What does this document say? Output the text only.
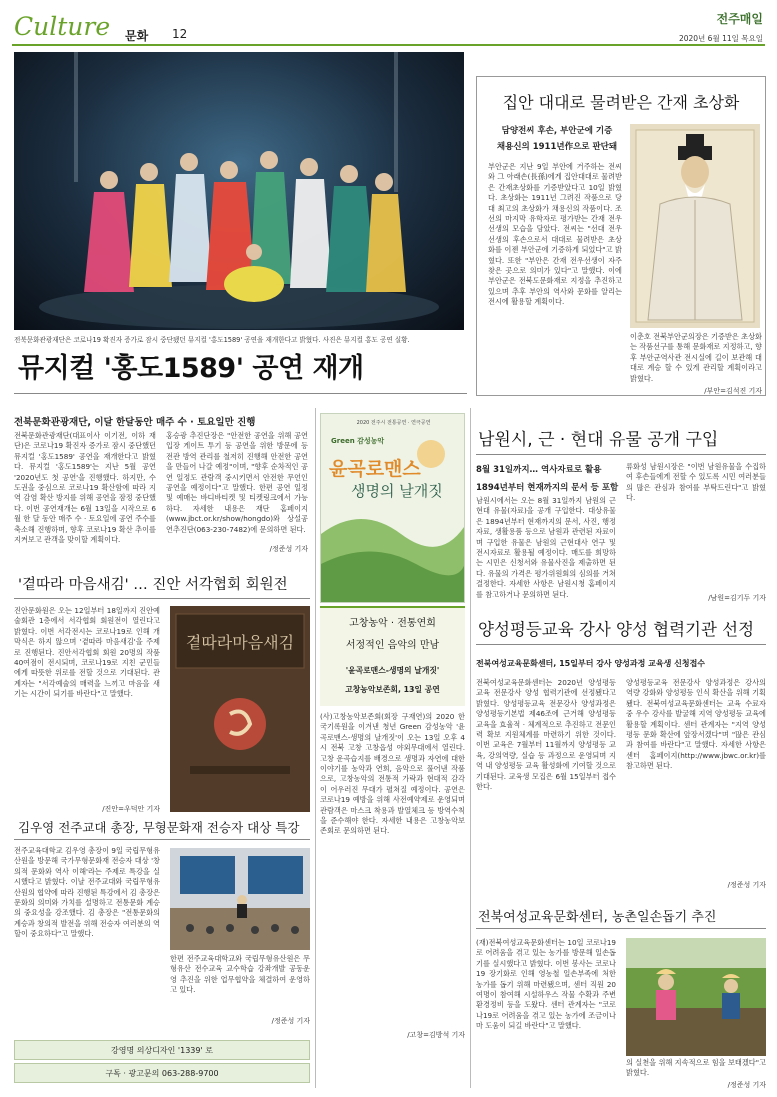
Culture 문화 12
전주매일
2020년 6월 11일 목요일
전북문화관광재단은 코로나19 확진자 증가로 잠시 중단됐던 뮤지컬 '홍도1589' 공연을 재개한다고 밝혔다. 사진은 뮤지컬 홍도 공연 실황.
뮤지컬 '홍도1589' 공연 재개
전북문화관광재단, 이달 한달동안 매주 수 · 토요일만 진행
전북문화관광재단(대표이사 이기전, 이하 재단)은 코로나19 확진자 증가로 잠시 중단했던 뮤지컬 '홍도1589' 공연을 재개한다고 밝혔다. 뮤지컬 '홍도1589'는 지난 5월 공연 '2020년도 첫 공연'을 진행했다. 하지만, 수도권을 중심으로 코로나19 확산함에 따라 지역 감염 확산 방지를 위해 공연을 잠정 중단했다. 이번 공연재개는 6월 13일을 시작으로 6월 한 달 동안 매주 수 · 토요일에 공연 주수를 축소해 진행하며, 향후 코로나19 확산 추이를 지켜보고 관객을 맞이할 계획이다.
홍승광 추진단장은 "안전한 공연을 위해 공연 입장 게이트 투기 등 공연을 위한 방문에 등 전관 방역 관리를 철저히 진행해 안전한 공연을 만들어 나갈 예정"이며, "향후 순차적인 공연 일정도 관람객 중시키면서 안전한 무언인 공연을 예정이다"고 말했다. 한편 공연 일정 및 예매는 바디바티켓 및 티켓링크에서 가능하다. 자세한 내용은 재단 홈페이지(www.jbct.or.kr/show/hongdo)와 상설공연추진단(063-230-7482)에 문의하면 된다.
/정준성 기자
집안 대대로 물려받은 간재 초상화
담양전씨 후손, 부안군에 기증
채용신의 1911년作으로 판단돼
부안군은 지난 9일 부안에 거주하는 전씨와 그 아래손(長孫)에게 집안대대로 물려받은 간재초상화를 기증받았다고 10일 밝혔다. 초상화는 1911년 그려진 작품으로 당대 최고의 초상화가 채용신의 작품이다. 조선의 마지막 유학자로 평가받는 간재 전우 선생의 모습을 담았다. 전씨는 "선대 전우 선생의 후손으로서 대대로 물려받은 초상화를 이젠 부안군에 기증하게 되었다"고 밝혔다. 또한 "부안은 간재 전우선생이 자주 찾은 곳으로 의미가 있다"고 말했다. 이에 부안군은 전북도문화재로 지정을 추진하고 있으며 추후 부안의 역사와 문화를 알리는 전시에 활용할 계획이다.
이춘호 전북부안군의장은 기증받은 초상화는 작품선구를 통해 문화재로 지정하고, 향후 부안군역사관 전시실에 길이 보관해 대대로 계승 할 수 있게 관리할 계획이라고 밝혔다.
/부안=김석진 기자
남원시, 근 · 현대 유물 공개 구입
8월 31일까지… 역사자료로 활용
1894년부터 현재까지의 문서 등 포함
남원시에서는 오는 8월 31일까지 남원의 근현대 유물(자료)을 공개 구입한다. 대상유물은 1894년부터 현재까지의 문서, 사진, 행정자료, 생활용품 등으로 남원과 관련된 자료이며 구입한 유물은 남원의 근현대사 연구 및 전시자료로 활용될 예정이다. 매도를 희망하는 시민은 신청서와 유물사진을 제출하면 된다. 유물의 가격은 평가위원회의 심의를 거쳐 결정한다. 자세한 사항은 남원시청 홈페이지를 참고하거나 문의하면 된다.
류화성 남원시장은 "이번 남원유물을 수집하여 후손들에게 전할 수 있도록 시민 여러분들의 많은 관심과 참여를 부탁드린다"고 밝혔다.
/남원=김기두 기자
양성평등교육 강사 양성 협력기관 선정
전북여성교육문화센터, 15일부터 강사 양성과정 교육생 신청접수
전북여성교육문화센터는 2020년 양성평등교육 전문강사 양성 협력기관에 선정됐다고 밝혔다. 양성평등교육 전문강사 양성과정은 양성평등기본법 제46조에 근거해 양성평등교육을 효율적 · 체계적으로 추진하고 전문인력 확보 지원체계를 마련하기 위한 것이다. 이번 교육은 7월부터 11월까지 양성평등 교육, 강의역량, 실습 등 과정으로 운영되며 지역 내 양성평등 교육 활성화에 기여할 것으로 기대된다. 교육생 모집은 6월 15일부터 접수한다.
양성평등교육 전문강사 양성과정은 강사의 역량 강화와 양성평등 인식 확산을 위해 기획됐다. 전북여성교육문화센터는 교육 수료자 중 우수 강사를 발굴해 지역 양성평등 교육에 활용할 계획이다. 센터 관계자는 "지역 양성평등 문화 확산에 앞장서겠다"며 "많은 관심과 참여를 바란다"고 말했다. 자세한 사항은 센터 홈페이지(http://www.jbwc.or.kr)를 참고하면 된다.
/정준성 기자
전북여성교육문화센터, 농촌일손돕기 추진
(재)전북여성교육문화센터는 10일 코로나19로 어려움을 겪고 있는 농가를 방문해 일손돕기를 실시했다고 밝혔다. 이번 봉사는 코로나19 장기화로 인해 영농철 일손부족에 처한 농가를 돕기 위해 마련됐으며, 센터 직원 20여명이 참여해 시설하우스 작물 수확과 주변 환경정비 등을 도왔다. 센터 관계자는 "코로나19로 어려움을 겪고 있는 농가에 조금이나마 도움이 되길 바란다"고 말했다.
의 실천을 위해 지속적으로 힘을 보태겠다"고 밝혔다.
/정준성 기자
'곁따라 마음새김' … 진안 서각협회 회원전
진안문화원은 오는 12일부터 18일까지 진안예술회관 1층에서 서각협회 회원전이 열린다고 밝혔다. 이번 서각전시는 코로나19로 인해 개막식은 하지 않으며 '곁따라 마음새김'을 주제로 진행된다. 진안서각협회 회원 20명의 작품 40여점이 전시되며, 코로나19로 지친 군민들에게 따뜻한 위로를 전할 것으로 기대된다. 관계자는 "서각예술의 매력을 느끼고 마음을 새기는 시간이 되기를 바란다"고 말했다.
/진안=우덕안 기자
곁따라마음새김
김우영 전주교대 총장, 무형문화재 전승자 대상 특강
전주교육대학교 김우영 총장이 9일 국립무형유산원을 방문해 국가무형문화재 전승자 대상 '창의적 문화와 역사 이해'라는 주제로 특강을 실시했다고 밝혔다. 이날 전주교대와 국립무형유산원의 협약에 따라 진행된 특강에서 김 총장은 문화의 의미와 가치를 설명하고 전통문화 계승의 중요성을 강조했다. 김 총장은 "전통문화의 계승과 창의적 발전을 위해 전승자 여러분의 역할이 중요하다"고 말했다.
한편 전주교육대학교와 국립무형유산원은 무형유산 전수교육 교수학습 강좌개발 공동운영 추진을 위한 업무협약을 체결하여 운영하고 있다.
/정준성 기자
2020 전주시 전통공연 · 연극공연
Green 감성농악
윤곡로맨스
생명의 날개짓
고창농악 · 전통연희
서정적인 음악의 만남
'윤곡로맨스-생명의 날개짓'
고창농악보존회, 13일 공연
(사)고창농악보존회(회장 구재연)의 2020 한국기록원을 이겨낸 청년 Green 감성농악 '윤곡로맨스-생명의 날개짓'이 오는 13일 오후 4시 전북 고창 고창읍성 야외무대에서 열린다. 고창 운곡습지를 배경으로 생명과 자연에 대한 이야기를 농악과 연희, 음악으로 풀어낸 작품으로, 고창농악의 전통적 가락과 현대적 감각이 어우러진 무대가 펼쳐질 예정이다. 공연은 코로나19 예방을 위해 사전예약제로 운영되며 관람객은 마스크 착용과 발열체크 등 방역수칙을 준수해야 한다. 자세한 내용은 고창농악보존회로 문의하면 된다.
/고창=김방석 기자
강영명 의상디자인 '1339' 로
구독 · 광고문의 063-288-9700
